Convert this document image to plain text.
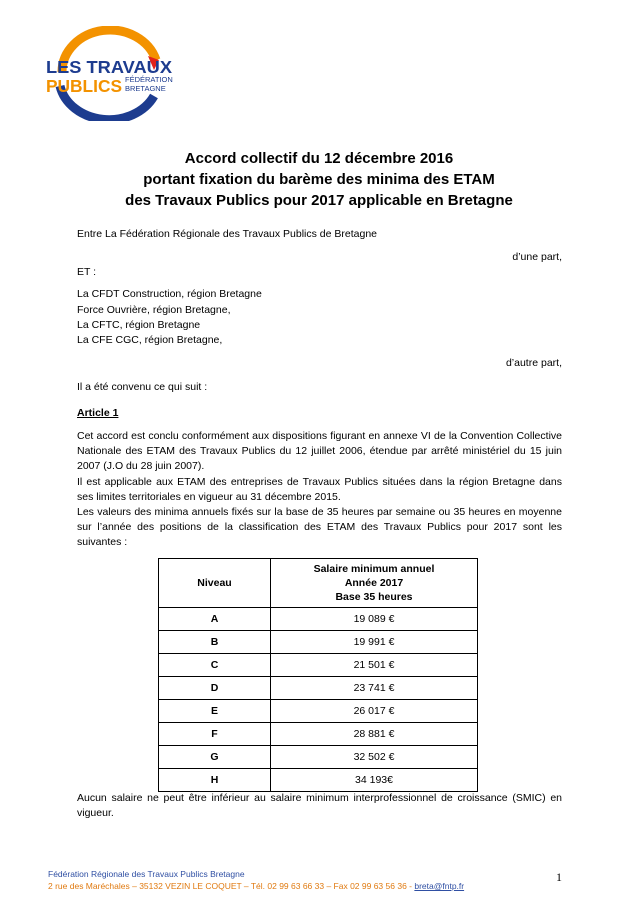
LES TRAVAUX
PUBLICS FÉDÉRATION
BRETAGNE
Accord collectif du 12 décembre 2016
portant fixation du barème des minima des ETAM
des Travaux Publics pour 2017 applicable en Bretagne
Entre La Fédération Régionale des Travaux Publics de Bretagne
d’une part,
ET :
La CFDT Construction, région Bretagne
Force Ouvrière, région Bretagne,
La CFTC, région Bretagne
La CFE CGC, région Bretagne,
d’autre part,
Il a été convenu ce qui suit :
Article 1
Cet accord est conclu conformément aux dispositions figurant en annexe VI de la Convention Collective Nationale des ETAM des Travaux Publics du 12 juillet 2006, étendue par arrêté ministériel du 15 juin 2007 (J.O du 28 juin 2007).
Il est applicable aux ETAM des entreprises de Travaux Publics situées dans la région Bretagne dans ses limites territoriales en vigueur au 31 décembre 2015.
Les valeurs des minima annuels fixés sur la base de 35 heures par semaine ou 35 heures en moyenne sur l’année des positions de la classification des ETAM des Travaux Publics pour 2017 sont les suivantes :
Niveau	Salaire minimum annuel
Année 2017
Base 35 heures

A	19 089 €
B	19 991 €
C	21 501 €
D	23 741 €
E	26 017 €
F	28 881 €
G	32 502 €
H	34 193€
Aucun salaire ne peut être inférieur au salaire minimum interprofessionnel de croissance (SMIC) en vigueur.
Fédération Régionale des Travaux Publics Bretagne
2 rue des Maréchales – 35132 VEZIN LE COQUET – Tél. 02 99 63 66 33 – Fax 02 99 63 56 36 - breta@fntp.fr
1
